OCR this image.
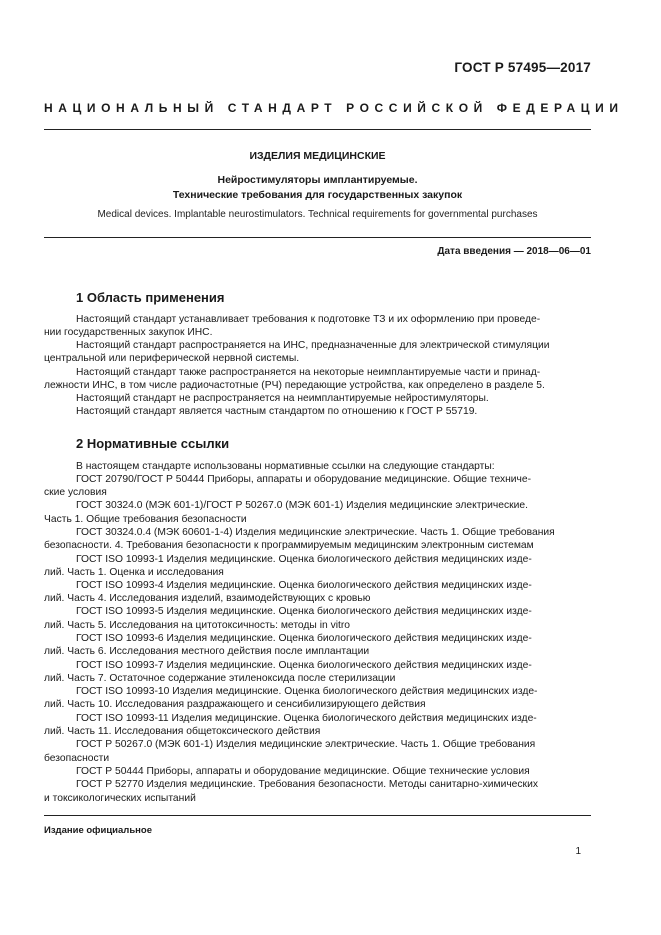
ГОСТ Р 57495—2017
НАЦИОНАЛЬНЫЙ СТАНДАРТ РОССИЙСКОЙ ФЕДЕРАЦИИ
ИЗДЕЛИЯ МЕДИЦИНСКИЕ
Нейростимуляторы имплантируемые.
Технические требования для государственных закупок
Medical devices. Implantable neurostimulators. Technical requirements for governmental purchases
Дата введения — 2018—06—01
1 Область применения
Настоящий стандарт устанавливает требования к подготовке ТЗ и их оформлению при проведе-
нии государственных закупок ИНС.
Настоящий стандарт распространяется на ИНС, предназначенные для электрической стимуляции
центральной или периферической нервной системы.
Настоящий стандарт также распространяется на некоторые неимплантируемые части и принад-
лежности ИНС, в том числе радиочастотные (РЧ) передающие устройства, как определено в разделе 5.
Настоящий стандарт не распространяется на неимплантируемые нейростимуляторы.
Настоящий стандарт является частным стандартом по отношению к ГОСТ Р 55719.
2 Нормативные ссылки
В настоящем стандарте использованы нормативные ссылки на следующие стандарты:
ГОСТ 20790/ГОСТ Р 50444 Приборы, аппараты и оборудование медицинские. Общие техниче-
ские условия
ГОСТ 30324.0 (МЭК 601-1)/ГОСТ Р 50267.0 (МЭК 601-1) Изделия медицинские электрические.
Часть 1. Общие требования безопасности
ГОСТ 30324.0.4 (МЭК 60601-1-4) Изделия медицинские электрические. Часть 1. Общие требования
безопасности. 4. Требования безопасности к программируемым медицинским электронным системам
ГОСТ ISO 10993-1 Изделия медицинские. Оценка биологического действия медицинских изде-
лий. Часть 1. Оценка и исследования
ГОСТ ISO 10993-4 Изделия медицинские. Оценка биологического действия медицинских изде-
лий. Часть 4. Исследования изделий, взаимодействующих с кровью
ГОСТ ISO 10993-5 Изделия медицинские. Оценка биологического действия медицинских изде-
лий. Часть 5. Исследования на цитотоксичность: методы in vitro
ГОСТ ISO 10993-6 Изделия медицинские. Оценка биологического действия медицинских изде-
лий. Часть 6. Исследования местного действия после имплантации
ГОСТ ISO 10993-7 Изделия медицинские. Оценка биологического действия медицинских изде-
лий. Часть 7. Остаточное содержание этиленоксида после стерилизации
ГОСТ ISO 10993-10 Изделия медицинские. Оценка биологического действия медицинских изде-
лий. Часть 10. Исследования раздражающего и сенсибилизирующего действия
ГОСТ ISO 10993-11 Изделия медицинские. Оценка биологического действия медицинских изде-
лий. Часть 11. Исследования общетоксического действия
ГОСТ Р 50267.0 (МЭК 601-1) Изделия медицинские электрические. Часть 1. Общие требования
безопасности
ГОСТ Р 50444 Приборы, аппараты и оборудование медицинские. Общие технические условия
ГОСТ Р 52770 Изделия медицинские. Требования безопасности. Методы санитарно-химических
и токсикологических испытаний
Издание официальное
1
